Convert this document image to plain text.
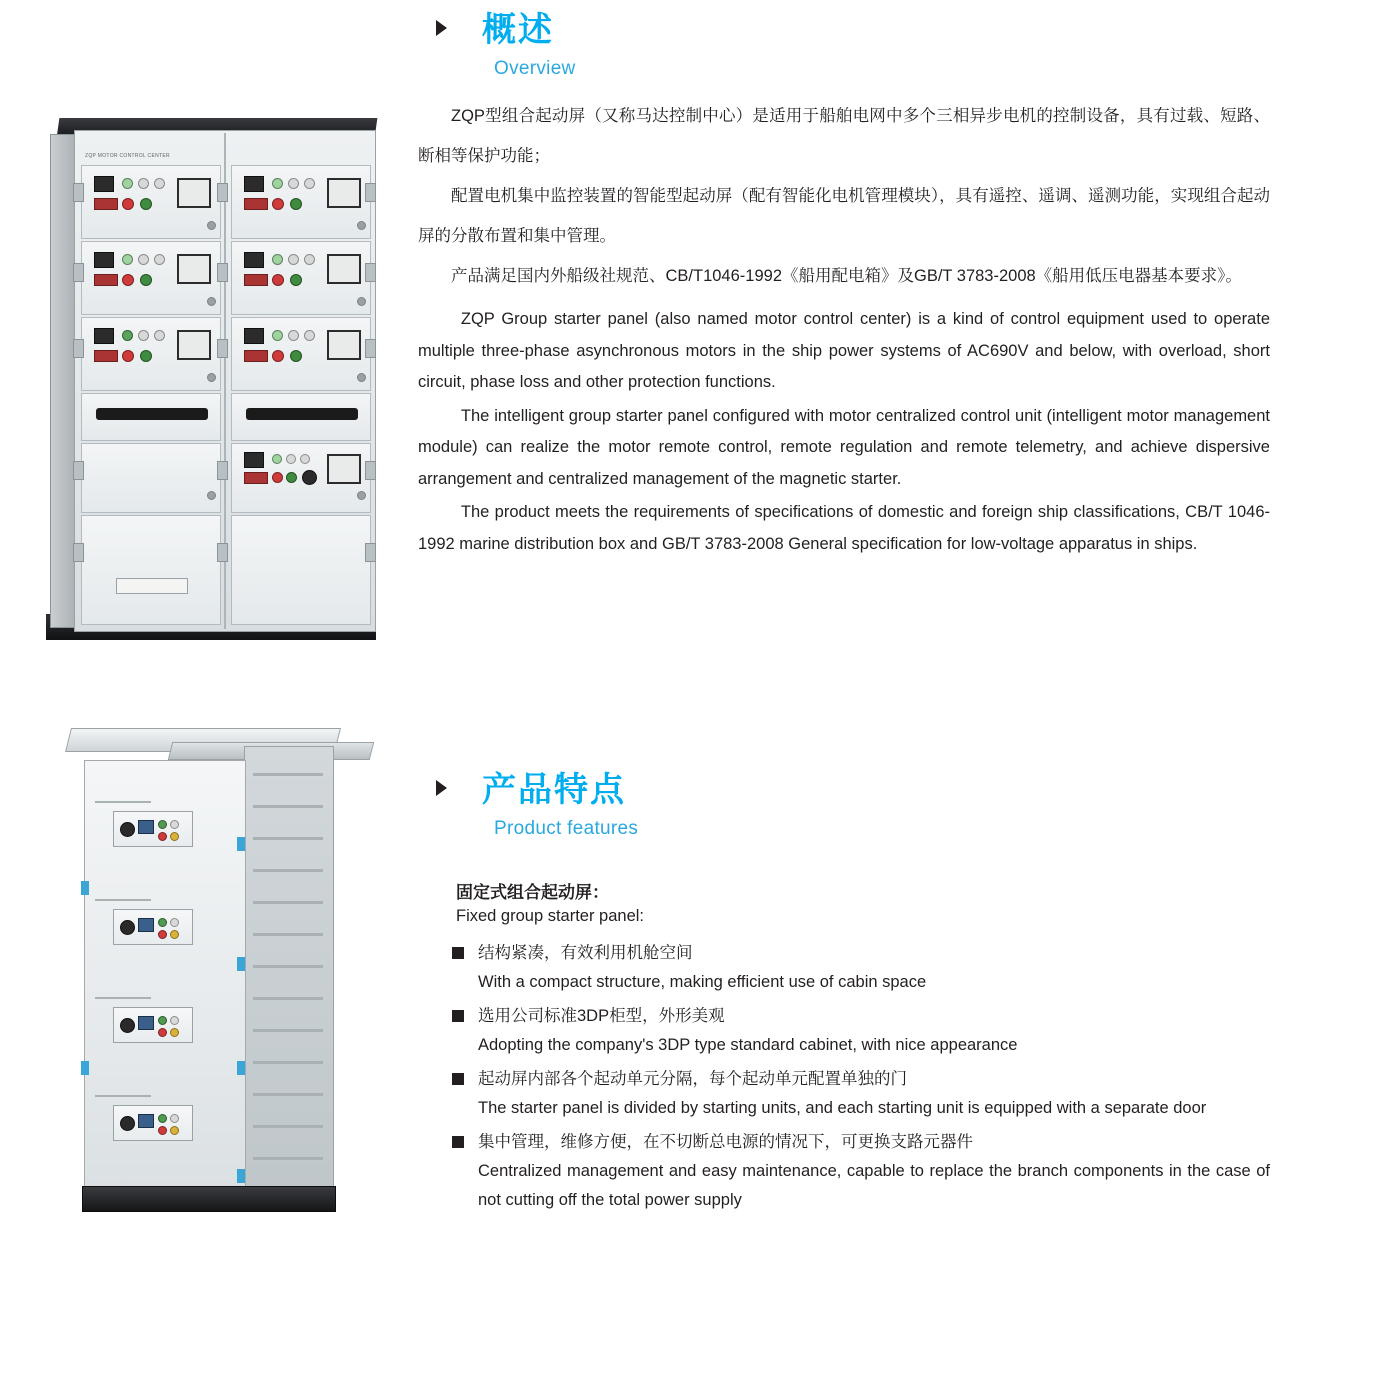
ZQP MOTOR CONTROL CENTER
概述
Overview

ZQP型组合起动屏（又称马达控制中心）是适用于船舶电网中多个三相异步电机的控制设备，具有过载、短路、断相等保护功能；

配置电机集中监控装置的智能型起动屏（配有智能化电机管理模块），具有遥控、遥调、遥测功能，实现组合起动屏的分散布置和集中管理。

产品满足国内外船级社规范、CB/T1046-1992《船用配电箱》及GB/T 3783-2008《船用低压电器基本要求》。

ZQP Group starter panel (also named motor control center) is a kind of control equipment used to operate multiple three-phase asynchronous motors in the ship power systems of AC690V and below, with overload, short circuit, phase loss and other protection functions.

The intelligent group starter panel configured with motor centralized control unit (intelligent motor management module) can realize the motor remote control, remote regulation and remote telemetry, and achieve dispersive arrangement and centralized management of the magnetic starter.

The product meets the requirements of specifications of domestic and foreign ship classifications, CB/T 1046-1992 marine distribution box and GB/T 3783-2008 General specification for low-voltage apparatus in ships.

产品特点
Product features
固定式组合起动屏：
Fixed group starter panel:
结构紧凑，有效利用机舱空间
With a compact structure, making efficient use of cabin space
选用公司标准3DP柜型，外形美观
Adopting the company's 3DP type standard cabinet, with nice appearance
起动屏内部各个起动单元分隔，每个起动单元配置单独的门
The starter panel is divided by starting units, and each starting unit is equipped with a separate door
集中管理，维修方便，在不切断总电源的情况下，可更换支路元器件
Centralized management and easy maintenance, capable to replace the branch components in the case of not cutting off the total power supply
